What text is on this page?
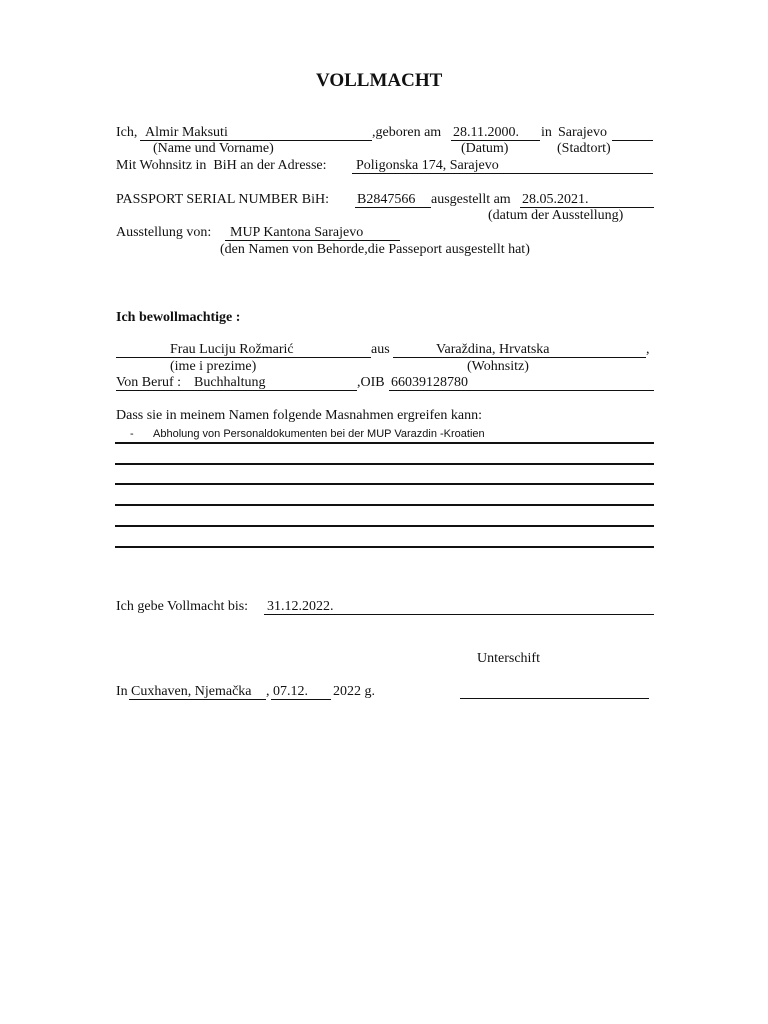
VOLLMACHT
Ich, Almir Maksuti	,geboren am 28.11.2000. in Sarajevo
(Name und Vorname)	(Datum)	(Stadtort)
Mit Wohnsitz in  BiH an der Adresse: Poligonska 174, Sarajevo
PASSPORT SERIAL NUMBER BiH: B2847566 ausgestellt am 28.05.2021.
(datum der Ausstellung)
Ausstellung von: MUP Kantona Sarajevo
(den Namen von Behorde,die Passeport ausgestellt hat)
Ich bewollmachtige :
Frau Luciju Rožmarić	aus	Varaždina, Hrvatska	,
(ime i prezime)	(Wohnsitz)
Von Beruf : Buchhaltung	,OIB 66039128780
Dass sie in meinem Namen folgende Masnahmen ergreifen kann:
- Abholung von Personaldokumenten bei der MUP Varazdin -Kroatien
Ich gebe Vollmacht bis: 31.12.2022.
Unterschift
In Cuxhaven, Njemačka , 07.12. 2022 g.
